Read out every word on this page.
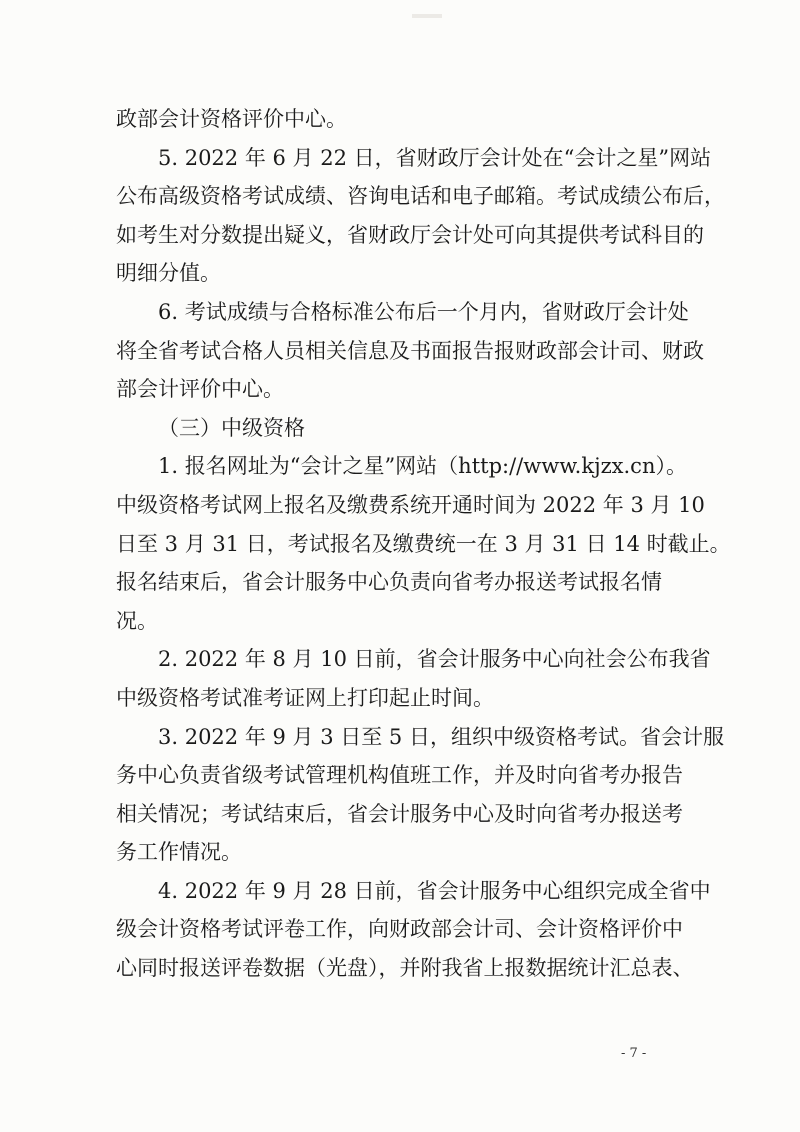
政部会计资格评价中心。
5. 2022 年 6 月 22 日，省财政厅会计处在“会计之星”网站
公布高级资格考试成绩、咨询电话和电子邮箱。考试成绩公布后，
如考生对分数提出疑义，省财政厅会计处可向其提供考试科目的
明细分值。
6. 考试成绩与合格标准公布后一个月内，省财政厅会计处
将全省考试合格人员相关信息及书面报告报财政部会计司、财政
部会计评价中心。
（三）中级资格
1. 报名网址为“会计之星”网站（http://www.kjzx.cn）。
中级资格考试网上报名及缴费系统开通时间为 2022 年 3 月 10
日至 3 月 31 日，考试报名及缴费统一在 3 月 31 日 14 时截止。
报名结束后，省会计服务中心负责向省考办报送考试报名情
况。
2. 2022 年 8 月 10 日前，省会计服务中心向社会公布我省
中级资格考试准考证网上打印起止时间。
3. 2022 年 9 月 3 日至 5 日，组织中级资格考试。省会计服
务中心负责省级考试管理机构值班工作，并及时向省考办报告
相关情况；考试结束后，省会计服务中心及时向省考办报送考
务工作情况。
4. 2022 年 9 月 28 日前，省会计服务中心组织完成全省中
级会计资格考试评卷工作，向财政部会计司、会计资格评价中
心同时报送评卷数据（光盘），并附我省上报数据统计汇总表、
- 7 -
